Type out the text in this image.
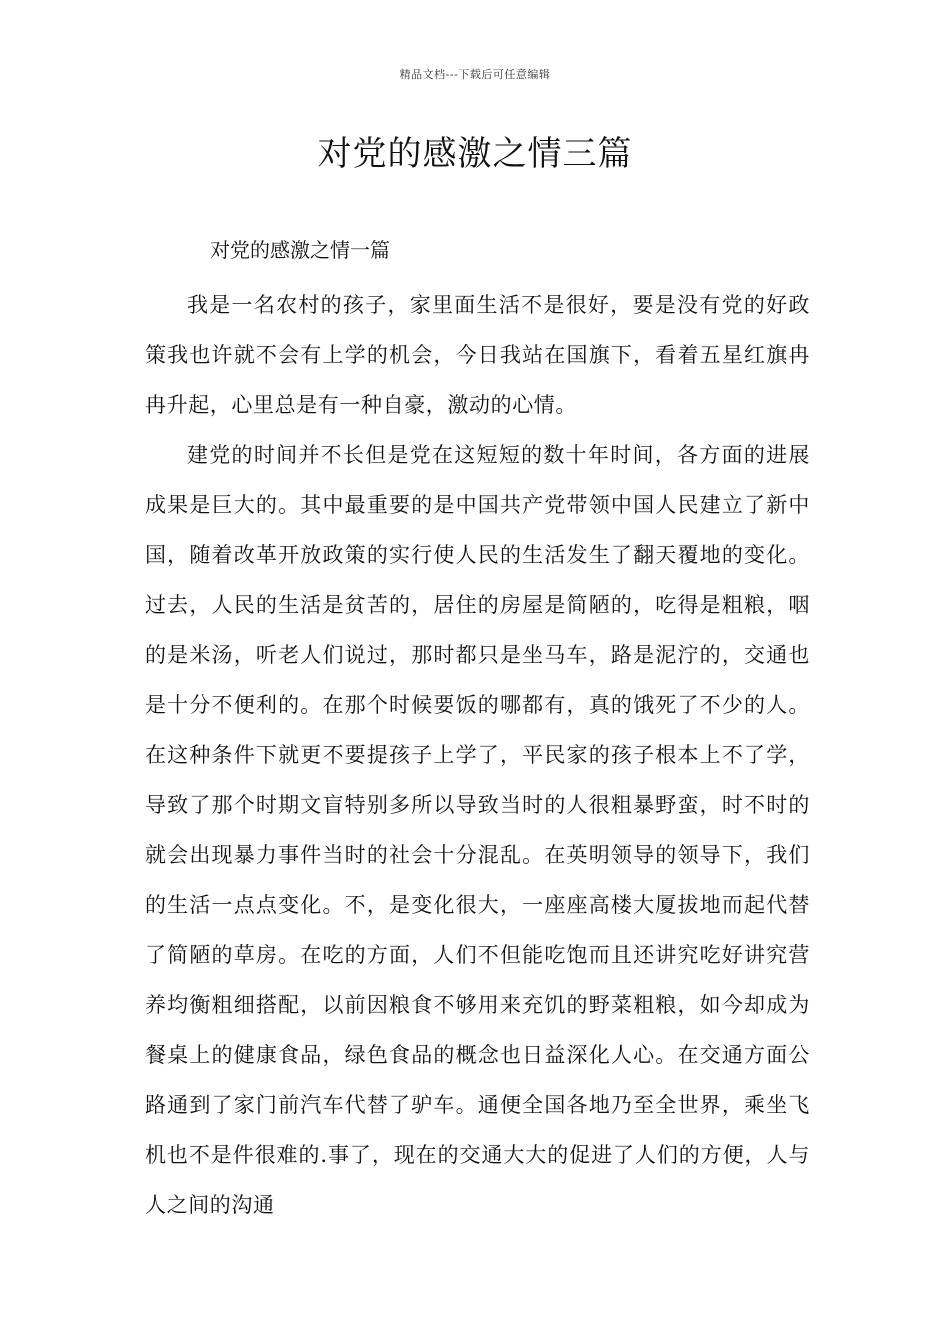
精品文档---下载后可任意编辑
对党的感激之情三篇
对党的感激之情一篇

我是一名农村的孩子，家里面生活不是很好，要是没有党的好政策我也许就不会有上学的机会，今日我站在国旗下，看着五星红旗冉冉升起，心里总是有一种自豪，激动的心情。

建党的时间并不长但是党在这短短的数十年时间，各方面的进展成果是巨大的。其中最重要的是中国共产党带领中国人民建立了新中国，随着改革开放政策的实行使人民的生活发生了翻天覆地的变化。过去，人民的生活是贫苦的，居住的房屋是简陋的，吃得是粗粮，咽的是米汤，听老人们说过，那时都只是坐马车，路是泥泞的，交通也是十分不便利的。在那个时候要饭的哪都有，真的饿死了不少的人。在这种条件下就更不要提孩子上学了，平民家的孩子根本上不了学，导致了那个时期文盲特别多所以导致当时的人很粗暴野蛮，时不时的就会出现暴力事件当时的社会十分混乱。在英明领导的领导下，我们的生活一点点变化。不，是变化很大，一座座高楼大厦拔地而起代替了简陋的草房。在吃的方面，人们不但能吃饱而且还讲究吃好讲究营养均衡粗细搭配，以前因粮食不够用来充饥的野菜粗粮，如今却成为餐桌上的健康食品，绿色食品的概念也日益深化人心。在交通方面公路通到了家门前汽车代替了驴车。通便全国各地乃至全世界，乘坐飞机也不是件很难的.事了，现在的交通大大的促进了人们的方便，人与人之间的沟通
